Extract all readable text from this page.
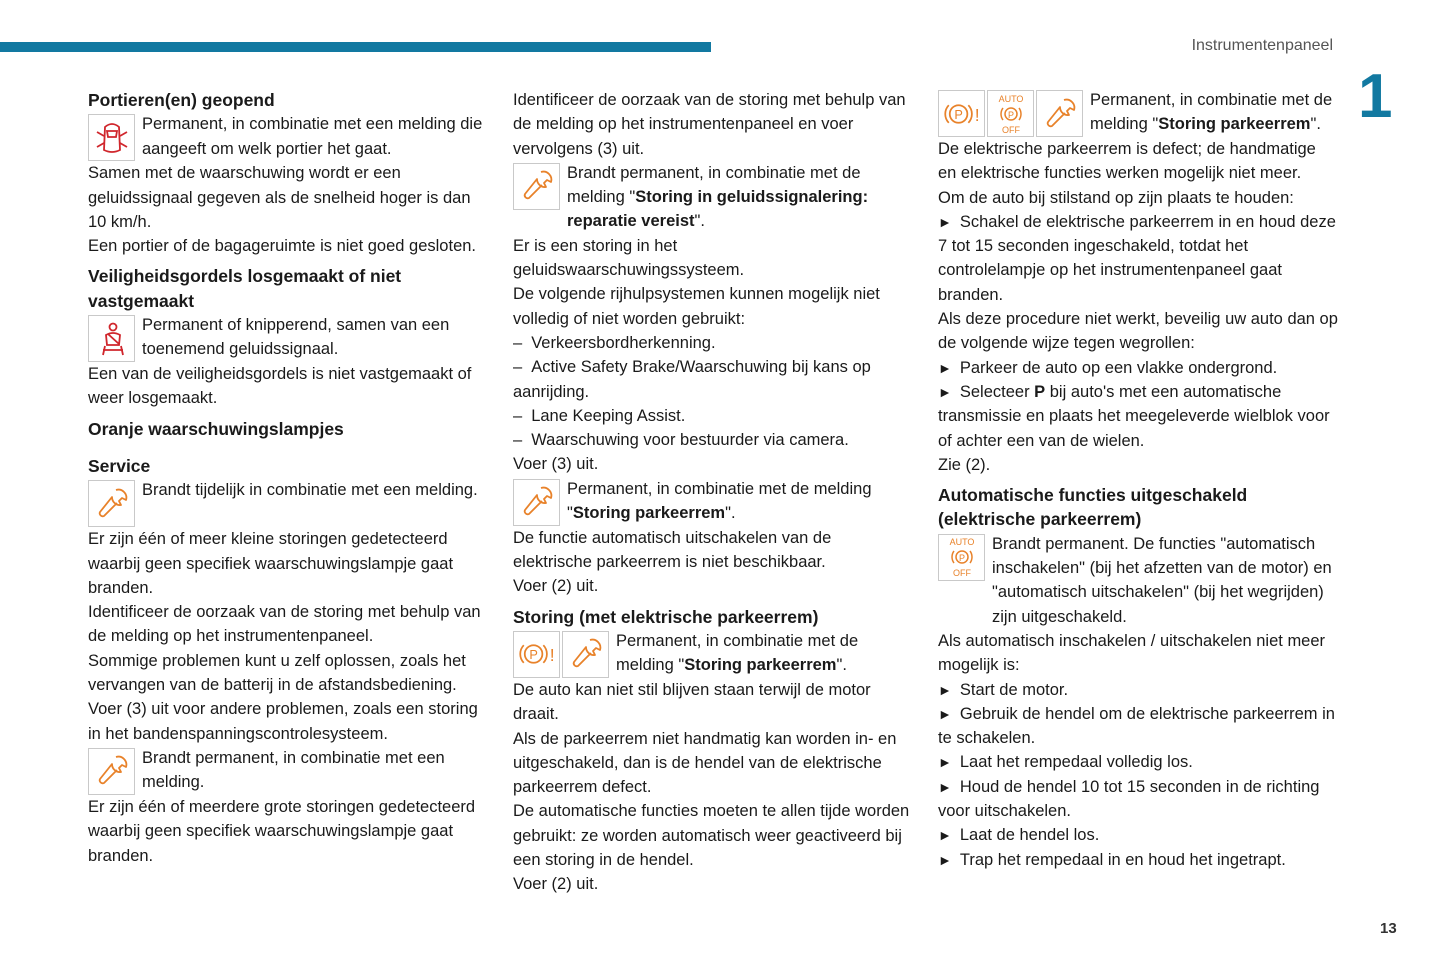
Instrumentenpaneel
1
13
Portieren(en) geopend

Permanent, in combinatie met een melding die aangeeft om welk portier het gaat.

Samen met de waarschuwing wordt er een geluidssignaal gegeven als de snelheid hoger is dan 10 km/h.

Een portier of de bagageruimte is niet goed gesloten.

Veiligheidsgordels losgemaakt of niet vastgemaakt

Permanent of knipperend, samen van een toenemend geluidssignaal.

Een van de veiligheidsgordels is niet vastgemaakt of weer losgemaakt.

Oranje waarschuwingslampjes
Service

Brandt tijdelijk in combinatie met een melding.

Er zijn één of meer kleine storingen gedetecteerd waarbij geen specifiek waarschuwingslampje gaat branden.

Identificeer de oorzaak van de storing met behulp van de melding op het instrumentenpaneel.

Sommige problemen kunt u zelf oplossen, zoals het vervangen van de batterij in de afstandsbediening.

Voer (3) uit voor andere problemen, zoals een storing in het bandenspanningscontrolesysteem.

Brandt permanent, in combinatie met een melding.

Er zijn één of meerdere grote storingen gedetecteerd waarbij geen specifiek waarschuwingslampje gaat branden.

Identificeer de oorzaak van de storing met behulp van de melding op het instrumentenpaneel en voer vervolgens (3) uit.

Brandt permanent, in combinatie met de melding "Storing in geluidssignalering: reparatie vereist".

Er is een storing in het geluidswaarschuwingssysteem.

De volgende rijhulpsystemen kunnen mogelijk niet volledig of niet worden gebruikt:

– Verkeersbordherkenning.
– Active Safety Brake/Waarschuwing bij kans op aanrijding.
– Lane Keeping Assist.
– Waarschuwing voor bestuurder via camera.

Voer (3) uit.

Permanent, in combinatie met de melding "Storing parkeerrem".

De functie automatisch uitschakelen van de elektrische parkeerrem is niet beschikbaar.

Voer (2) uit.

Storing (met elektrische parkeerrem)
P !

Permanent, in combinatie met de melding "Storing parkeerrem".

De auto kan niet stil blijven staan terwijl de motor draait.

Als de parkeerrem niet handmatig kan worden in- en uitgeschakeld, dan is de hendel van de elektrische parkeerrem defect.

De automatische functies moeten te allen tijde worden gebruikt: ze worden automatisch weer geactiveerd bij een storing in de hendel.

Voer (2) uit.

P !
AUTO
P
OFF

Permanent, in combinatie met de melding "Storing parkeerrem".

De elektrische parkeerrem is defect; de handmatige en elektrische functies werken mogelijk niet meer.

Om de auto bij stilstand op zijn plaats te houden:

► Schakel de elektrische parkeerrem in en houd deze 7 tot 15 seconden ingeschakeld, totdat het controlelampje op het instrumentenpaneel gaat branden.

Als deze procedure niet werkt, beveilig uw auto dan op de volgende wijze tegen wegrollen:

► Parkeer de auto op een vlakke ondergrond.
► Selecteer P bij auto's met een automatische transmissie en plaats het meegeleverde wielblok voor of achter een van de wielen.

Zie (2).

Automatische functies uitgeschakeld (elektrische parkeerrem)
AUTO
P
OFF

Brandt permanent. De functies "automatisch inschakelen" (bij het afzetten van de motor) en "automatisch uitschakelen" (bij het wegrijden) zijn uitgeschakeld.

Als automatisch inschakelen / uitschakelen niet meer mogelijk is:

► Start de motor.
► Gebruik de hendel om de elektrische parkeerrem in te schakelen.
► Laat het rempedaal volledig los.
► Houd de hendel 10 tot 15 seconden in de richting voor uitschakelen.
► Laat de hendel los.
► Trap het rempedaal in en houd het ingetrapt.
